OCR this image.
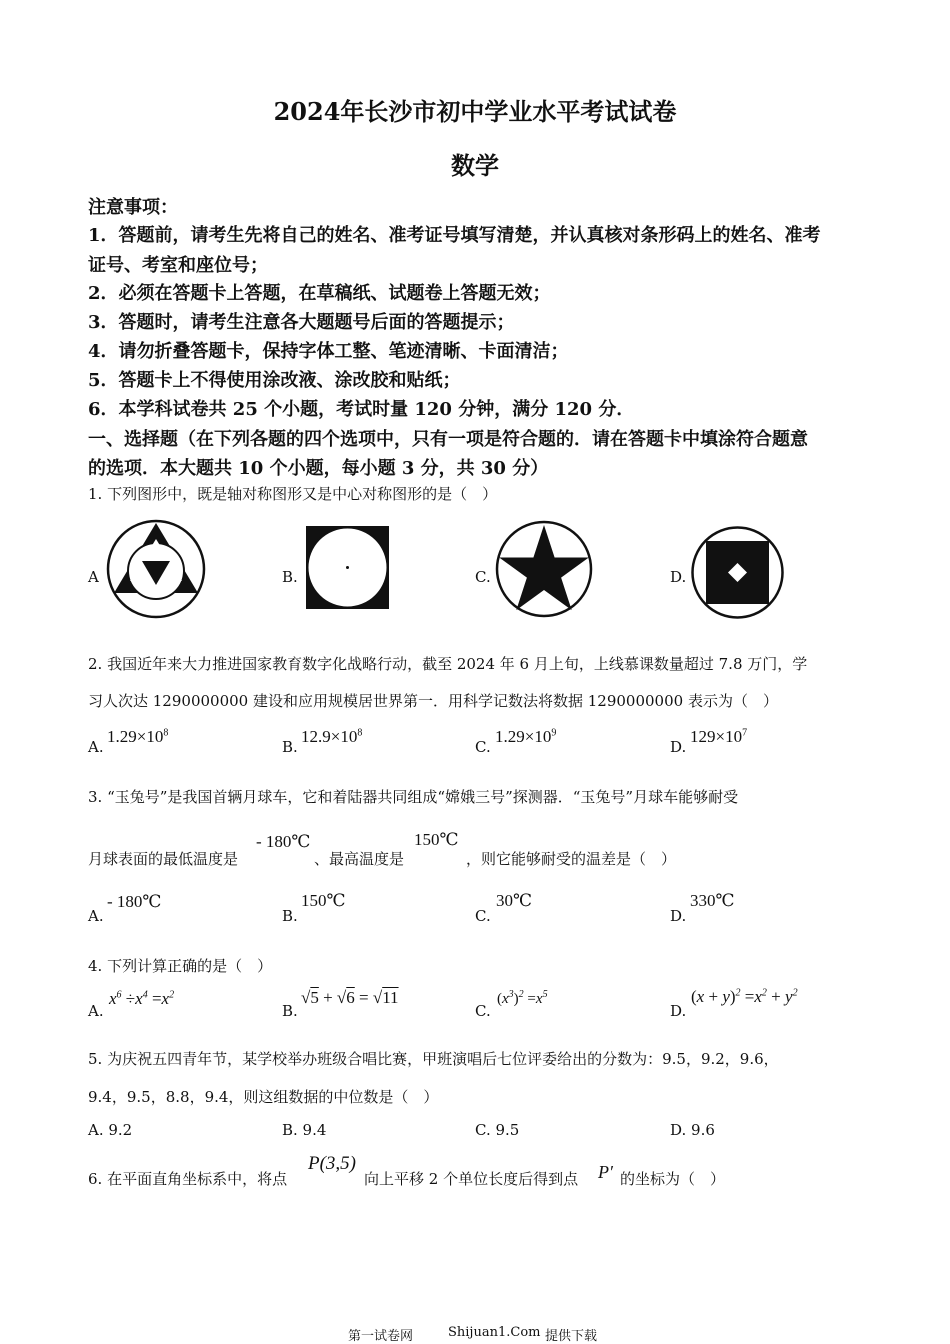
2024年长沙市初中学业水平考试试卷
数学
注意事项：
1．答题前，请考生先将自己的姓名、准考证号填写清楚，并认真核对条形码上的姓名、准考
证号、考室和座位号；
2．必须在答题卡上答题，在草稿纸、试题卷上答题无效；
3．答题时，请考生注意各大题题号后面的答题提示；
4．请勿折叠答题卡，保持字体工整、笔迹清晰、卡面清洁；
5．答题卡上不得使用涂改液、涂改胶和贴纸；
6．本学科试卷共 25 个小题，考试时量 120 分钟，满分 120 分．
一、选择题（在下列各题的四个选项中，只有一项是符合题的．请在答题卡中填涂符合题意
的选项．本大题共 10 个小题，每小题 3 分，共 30 分）
1. 下列图形中，既是轴对称图形又是中心对称图形的是（　）
A	B.	C.	D.
2. 我国近年来大力推进国家教育数字化战略行动，截至 2024 年 6 月上旬，上线慕课数量超过 7.8 万门，学
习人次达 1290000000 建设和应用规模居世界第一．用科学记数法将数据 1290000000 表示为（　）
A.
$1.29\times 10^8$
B.
$12.9\times 10^8$
C.
$1.29\times 10^9$
D.
$129\times 10^7$
3. “玉兔号”是我国首辆月球车，它和着陆器共同组成“嫦娥三号”探测器．“玉兔号”月球车能够耐受
月球表面的最低温度是
- 180℃
、最高温度是
150℃
，则它能够耐受的温差是（　）
A.
- 180℃
B.
150℃
C.
30℃
D.
330℃
4. 下列计算正确的是（　）
A.
$x^6 \div x^4 =x^2$
B.
√5 + √6 = √11
C.
$(x^3)^2 =x^5$
D.
$(x + y)^2 =x^2 + y^2$
5. 为庆祝五四青年节，某学校举办班级合唱比赛，甲班演唱后七位评委给出的分数为：9.5，9.2，9.6，
9.4，9.5，8.8，9.4，则这组数据的中位数是（　）
A. 9.2	B. 9.4	C. 9.5	D. 9.6
6. 在平面直角坐标系中，将点
P(3,5)
向上平移 2 个单位长度后得到点 P′ 的坐标为（　）
第一试卷网	Shijuan1.Com 提供下载
